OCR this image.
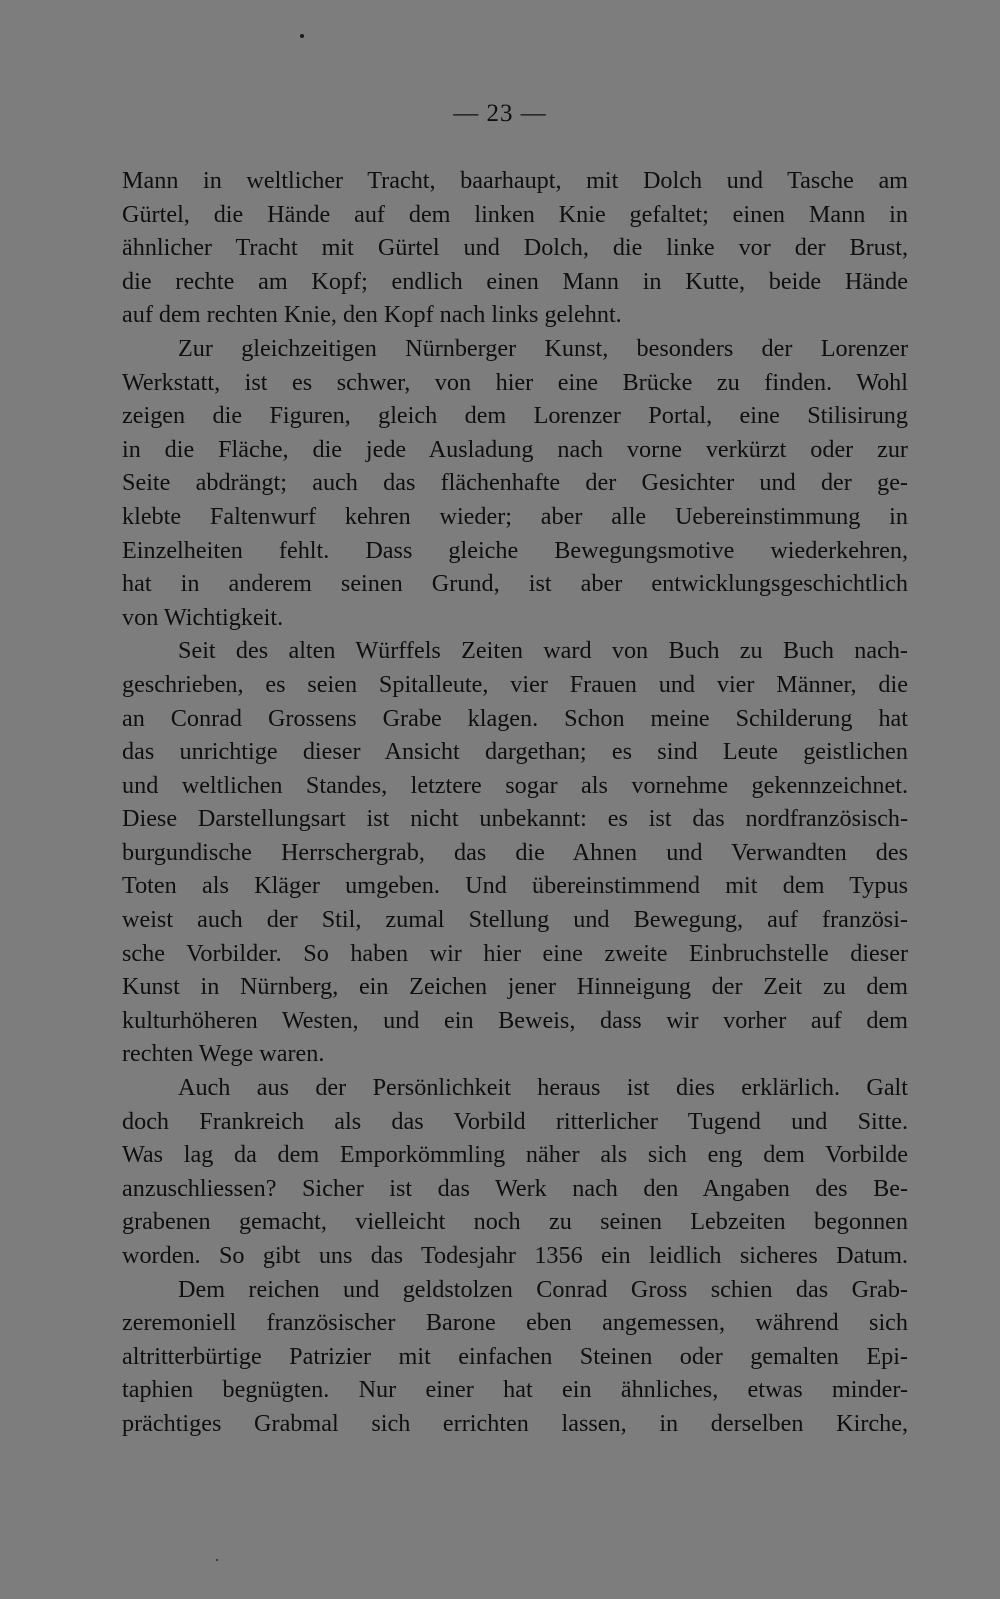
— 23 —
Mann in weltlicher Tracht, baarhaupt, mit Dolch und Tasche am
Gürtel, die Hände auf dem linken Knie gefaltet; einen Mann in
ähnlicher Tracht mit Gürtel und Dolch, die linke vor der Brust,
die rechte am Kopf; endlich einen Mann in Kutte, beide Hände
auf dem rechten Knie, den Kopf nach links gelehnt.
Zur gleichzeitigen Nürnberger Kunst, besonders der Lorenzer
Werkstatt, ist es schwer, von hier eine Brücke zu finden. Wohl
zeigen die Figuren, gleich dem Lorenzer Portal, eine Stilisirung
in die Fläche, die jede Ausladung nach vorne verkürzt oder zur
Seite abdrängt; auch das flächenhafte der Gesichter und der ge-
klebte Faltenwurf kehren wieder; aber alle Uebereinstimmung in
Einzelheiten fehlt. Dass gleiche Bewegungsmotive wiederkehren,
hat in anderem seinen Grund, ist aber entwicklungsgeschichtlich
von Wichtigkeit.
Seit des alten Würffels Zeiten ward von Buch zu Buch nach-
geschrieben, es seien Spitalleute, vier Frauen und vier Männer, die
an Conrad Grossens Grabe klagen. Schon meine Schilderung hat
das unrichtige dieser Ansicht dargethan; es sind Leute geistlichen
und weltlichen Standes, letztere sogar als vornehme gekennzeichnet.
Diese Darstellungsart ist nicht unbekannt: es ist das nordfranzösisch-
burgundische Herrschergrab, das die Ahnen und Verwandten des
Toten als Kläger umgeben. Und übereinstimmend mit dem Typus
weist auch der Stil, zumal Stellung und Bewegung, auf französi-
sche Vorbilder. So haben wir hier eine zweite Einbruchstelle dieser
Kunst in Nürnberg, ein Zeichen jener Hinneigung der Zeit zu dem
kulturhöheren Westen, und ein Beweis, dass wir vorher auf dem
rechten Wege waren.
Auch aus der Persönlichkeit heraus ist dies erklärlich. Galt
doch Frankreich als das Vorbild ritterlicher Tugend und Sitte.
Was lag da dem Emporkömmling näher als sich eng dem Vorbilde
anzuschliessen? Sicher ist das Werk nach den Angaben des Be-
grabenen gemacht, vielleicht noch zu seinen Lebzeiten begonnen
worden. So gibt uns das Todesjahr 1356 ein leidlich sicheres Datum.
Dem reichen und geldstolzen Conrad Gross schien das Grab-
zeremoniell französischer Barone eben angemessen, während sich
altritterbürtige Patrizier mit einfachen Steinen oder gemalten Epi-
taphien begnügten. Nur einer hat ein ähnliches, etwas minder-
prächtiges Grabmal sich errichten lassen, in derselben Kirche,
